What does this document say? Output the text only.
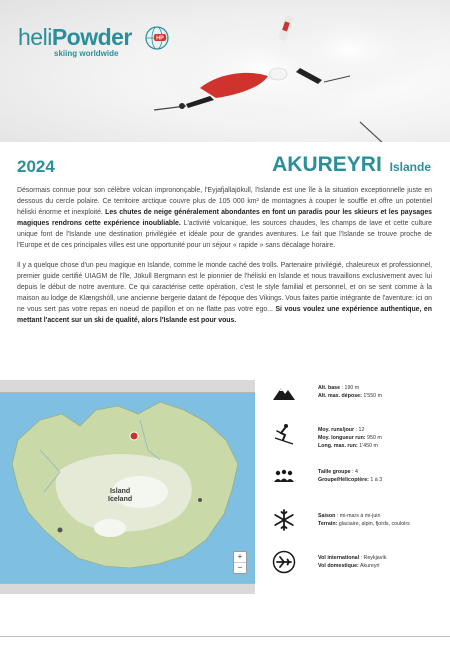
heliPowder
skiing worldwide
HP
2024	AKUREYRI Islande

Désormais connue pour son célèbre volcan imprononçable, l'Eyjafjallajökull, l'Islande est une île à la situation exceptionnelle juste en dessous du cercle polaire. Ce territoire arctique couvre plus de 105 000 km² de montagnes à couper le souffle et offre un potentiel héliski énorme et inexploité. Les chutes de neige généralement abondantes en font un paradis pour les skieurs et les paysages magiques rendrons cette expérience inoubliable. L'activité volcanique, les sources chaudes, les champs de lave et cette culture unique font de l'Islande une destination privilégiée et idéale pour de grandes aventures. Le fait que l'Islande se trouve proche de l'Europe et de ces principales villes est une opportunité pour un séjour « rapide » sans décalage horaire.

Il y a quelque chose d'un peu magique en Islande, comme le monde caché des trolls. Partenaire privilégié, chaleureux et professionnel, premier guide certifié UIAGM de l'île, Jökull Bergmann est le pionnier de l'héliski en Islande et nous travaillons exclusivement avec lui depuis le début de notre aventure. Ce qui caractérise cette opération, c'est le style familial et personnel, et on se sent comme à la maison au lodge de Klængshóll, une ancienne bergerie datant de l'époque des Vikings. Vous faites partie intégrante de l'aventure: ici on ne vous sert pas votre repas en noeud de papillon et on ne flatte pas votre ego... Si vous voulez une expérience authentique, en mettant l'accent sur un ski de qualité, alors l'Islande est pour vous.

Island
Iceland
+
−
Alt. base : 190 m
Alt. max. dépose: 1'550 m
Moy. runs/jour : 12
Moy. longueur run: 950 m
Long. max. run: 1'450 m
Taille groupe : 4
Groupe/Hélicoptère: 1 à 3
Saison : mi-mars à mi-juin
Terrain: glaciaire, alpin, fjords, couloirs
Vol international : Reykjavík
Vol domestique: Akureyri
